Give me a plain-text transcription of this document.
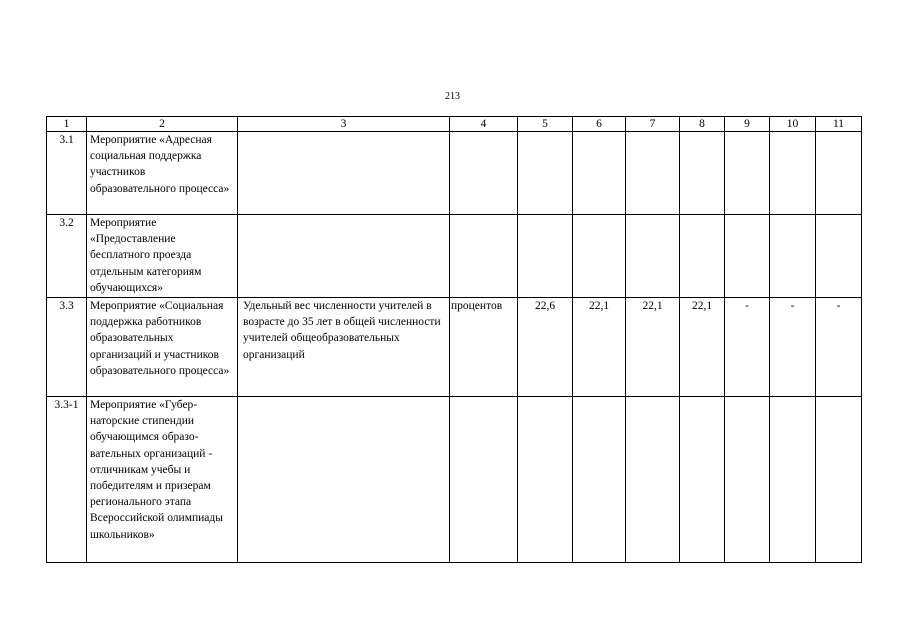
213
1	2	3	4	5	6	7	8	9	10	11
3.1	Мероприятие «Адресная социальная поддержка участников образовательного процесса»									
3.2	Мероприятие «Предоставление бесплатного проезда отдельным категориям обучающихся»									
3.3	Мероприятие «Социальная поддержка работников образовательных организаций и участников образовательного процесса»	Удельный вес численности учителей в возрасте до 35 лет в общей численности учителей общеобразовательных организаций	процентов	22,6	22,1	22,1	22,1	-	-	-
3.3-1	Мероприятие «Губернаторские стипендии обучающимся образовательных организаций - отличникам учебы и победителям и призерам регионального этапа Всероссийской олимпиады школьников»									
